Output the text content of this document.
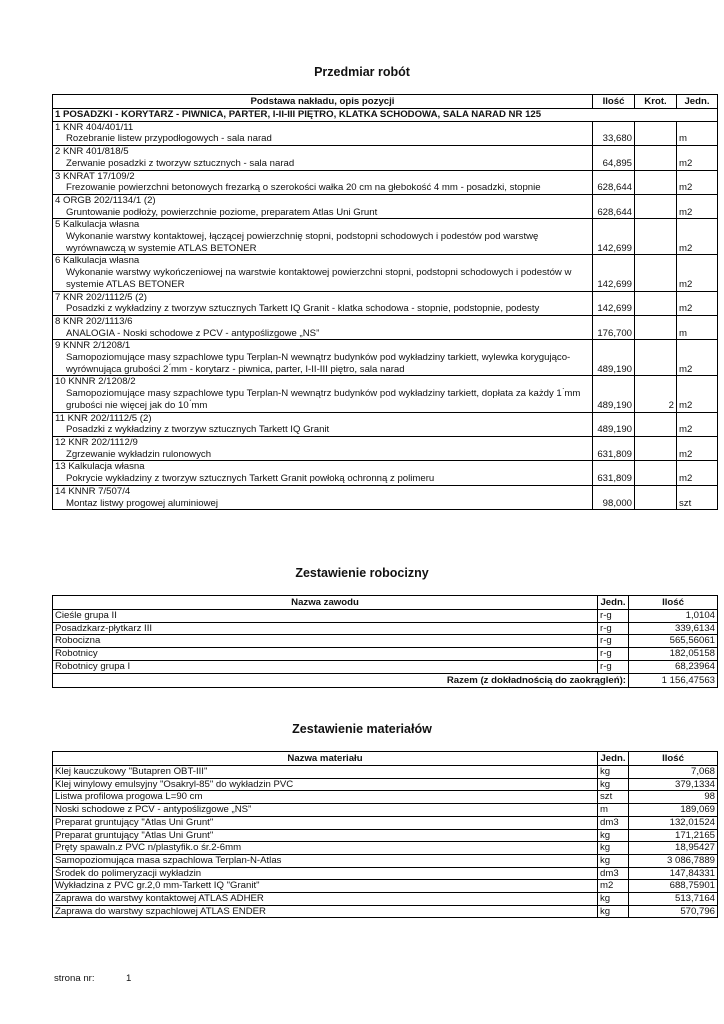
Przedmiar robót
Podstawa nakładu, opis pozycji	Ilość	Krot.	Jedn.
1 POSADZKI - KORYTARZ - PIWNICA, PARTER, I-II-III PIĘTRO, KLATKA SCHODOWA, SALA NARAD NR 125			
1 KNR 404/401/11			
Rozebranie listew przypodłogowych - sala narad	33,680		m
2 KNR 401/818/5			
Zerwanie posadzki z tworzyw sztucznych - sala narad	64,895		m2
3 KNRAT 17/109/2			
Frezowanie powierzchni betonowych frezarką o szerokości wałka 20 cm na głebokość 4 mm - posadzki, stopnie	628,644		m2
4 ORGB 202/1134/1 (2)			
Gruntowanie podłoży, powierzchnie poziome, preparatem Atlas Uni Grunt	628,644		m2
5 Kalkulacja własna			
Wykonanie warstwy kontaktowej, łączącej powierzchnię stopni, podstopni schodowych i podestów pod warstwę wyrównawczą w systemie ATLAS BETONER	142,699		m2
6 Kalkulacja własna			
Wykonanie warstwy wykończeniowej na warstwie kontaktowej powierzchni stopni, podstopni schodowych i podestów w systemie ATLAS BETONER	142,699		m2
7 KNR 202/1112/5 (2)			
Posadzki z wykładziny z tworzyw sztucznych Tarkett IQ Granit - klatka schodowa - stopnie, podstopnie, podesty	142,699		m2
8 KNR 202/1113/6			
ANALOGIA - Noski schodowe z PCV - antypoślizgowe „NS”	176,700		m
9 KNNR 2/1208/1			
Samopoziomujące masy szpachlowe typu Terplan-N wewnątrz budynków pod wykładziny tarkiett, wylewka korygująco-wyrównująca grubości 2 ́mm - korytarz - piwnica, parter, I-II-III piętro, sala narad	489,190		m2
10 KNNR 2/1208/2			
Samopoziomujące masy szpachlowe typu Terplan-N wewnątrz budynków pod wykładziny tarkiett, dopłata za każdy 1 ́mm grubości nie więcej jak do 10 ́mm	489,190	2	m2
11 KNR 202/1112/5 (2)			
Posadzki z wykładziny z tworzyw sztucznych Tarkett IQ Granit	489,190		m2
12 KNR 202/1112/9			
Zgrzewanie wykładzin rulonowych	631,809		m2
13 Kalkulacja własna			
Pokrycie wykładziny z tworzyw sztucznych Tarkett Granit powłoką ochronną z polimeru	631,809		m2
14 KNNR 7/507/4			
Montaz listwy progowej aluminiowej	98,000		szt
Zestawienie robocizny
Nazwa zawodu	Jedn.	Ilość
Cieśle grupa II	r-g	1,0104
Posadzkarz-płytkarz III	r-g	339,6134
Robocizna	r-g	565,56061
Robotnicy	r-g	182,05158
Robotnicy grupa I	r-g	68,23964
Razem (z dokładnością do zaokrągleń):		1 156,47563
Zestawienie materiałów
Nazwa materiału	Jedn.	Ilość
Klej kauczukowy "Butapren OBT-III"	kg	7,068
Klej winylowy emulsyjny "Osakryl-85" do wykładzin PVC	kg	379,1334
Listwa profilowa progowa L=90 cm	szt	98
Noski schodowe z PCV - antypoślizgowe „NS”	m	189,069
Preparat gruntujący "Atlas Uni Grunt"	dm3	132,01524
Preparat gruntujący "Atlas Uni Grunt"	kg	171,2165
Pręty spawaln.z PVC n/plastyfik.o śr.2-6mm	kg	18,95427
Samopoziomująca masa szpachlowa Terplan-N-Atlas	kg	3 086,7889
Środek do polimeryzacji wykładzin	dm3	147,84331
Wykładzina z PVC gr.2,0 mm-Tarkett IQ "Granit"	m2	688,75901
Zaprawa do warstwy kontaktowej ATLAS ADHER	kg	513,7164
Zaprawa do warstwy szpachlowej ATLAS ENDER	kg	570,796
strona nr:	1
